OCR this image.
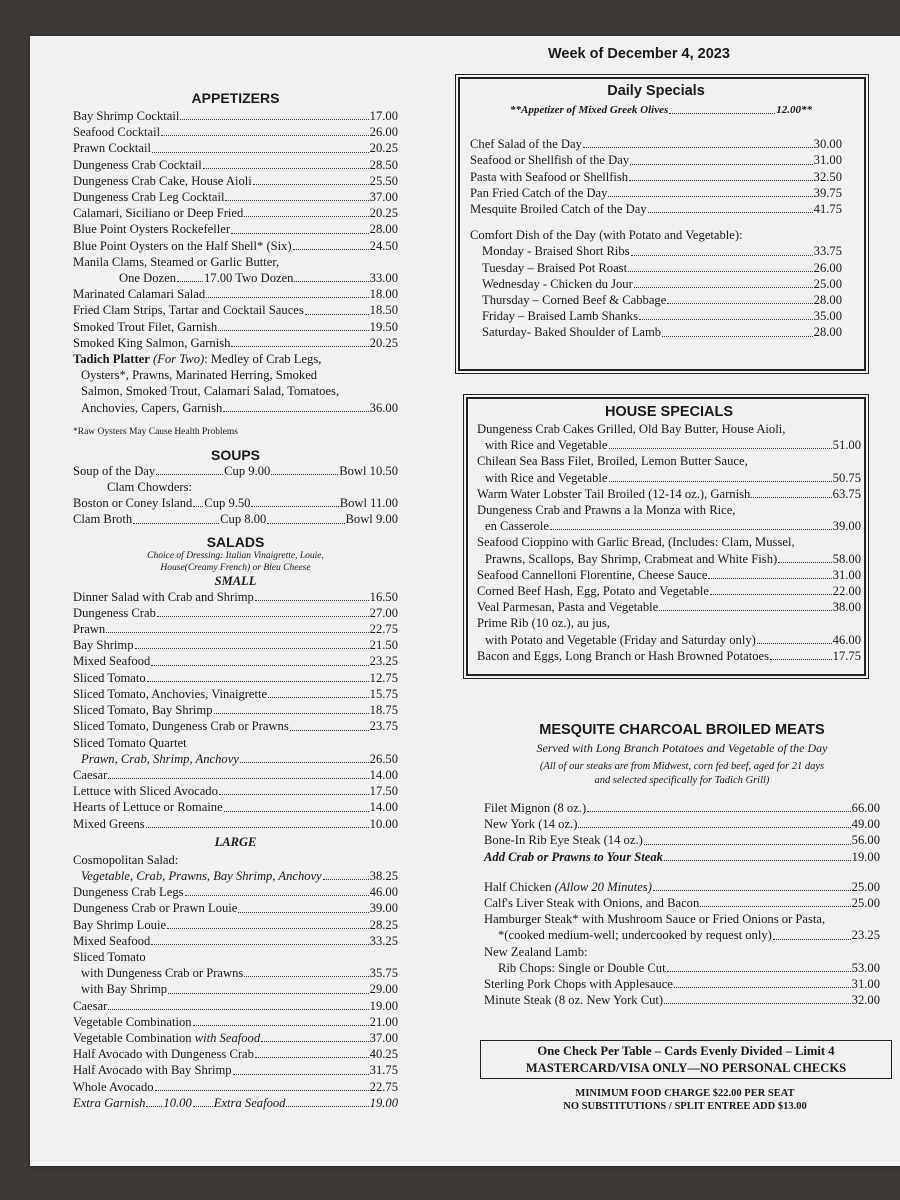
APPETIZERS
Bay Shrimp Cocktail	17.00
Seafood Cocktail	26.00
Prawn Cocktail	20.25
Dungeness Crab Cocktail	28.50
Dungeness Crab Cake, House Aioli	25.50
Dungeness Crab Leg Cocktail	37.00
Calamari, Siciliano or Deep Fried	20.25
Blue Point Oysters Rockefeller	28.00
Blue Point Oysters on the Half Shell* (Six)	24.50
Manila Clams, Steamed or Garlic Butter,
One Dozen 17.00 Two Dozen	33.00
Marinated Calamari Salad	18.00
Fried Clam Strips, Tartar and Cocktail Sauces	18.50
Smoked Trout Filet, Garnish	19.50
Smoked King Salmon, Garnish	20.25
Tadich Platter (For Two): Medley of Crab Legs,
Oysters*, Prawns, Marinated Herring, Smoked
Salmon, Smoked Trout, Calamari Salad, Tomatoes,
Anchovies, Capers, Garnish	36.00
*Raw Oysters May Cause Health Problems
SOUPS
Soup of the Day	Cup 9.00	Bowl 10.50
Clam Chowders:
Boston or Coney Island Cup 9.50	Bowl 11.00
Clam Broth	Cup 8.00	Bowl 9.00
SALADS
Choice of Dressing: Italian Vinaigrette, Louie,
House(Creamy French) or Bleu Cheese
SMALL
Dinner Salad with Crab and Shrimp	16.50
Dungeness Crab	27.00
Prawn	22.75
Bay Shrimp	21.50
Mixed Seafood	23.25
Sliced Tomato	12.75
Sliced Tomato, Anchovies, Vinaigrette	15.75
Sliced Tomato, Bay Shrimp	18.75
Sliced Tomato, Dungeness Crab or Prawns	23.75
Sliced Tomato Quartet
Prawn, Crab, Shrimp, Anchovy	26.50
Caesar	14.00
Lettuce with Sliced Avocado	17.50
Hearts of Lettuce or Romaine	14.00
Mixed Greens	10.00
LARGE
Cosmopolitan Salad:
Vegetable, Crab, Prawns, Bay Shrimp, Anchovy	38.25
Dungeness Crab Legs	46.00
Dungeness Crab or Prawn Louie	39.00
Bay Shrimp Louie	28.25
Mixed Seafood	33.25
Sliced Tomato
with Dungeness Crab or Prawns	35.75
with Bay Shrimp	29.00
Caesar	19.00
Vegetable Combination	21.00
Vegetable Combination with Seafood	37.00
Half Avocado with Dungeness Crab	40.25
Half Avocado with Bay Shrimp	31.75
Whole Avocado	22.75
Extra Garnish 10.00 Extra Seafood	19.00
Week of December 4, 2023
Daily Specials
**Appetizer of Mixed Greek Olives	12.00**
Chef Salad of the Day	30.00
Seafood or Shellfish of the Day	31.00
Pasta with Seafood or Shellfish	32.50
Pan Fried Catch of the Day	39.75
Mesquite Broiled Catch of the Day	41.75
Comfort Dish of the Day (with Potato and Vegetable):
Monday - Braised Short Ribs	33.75
Tuesday – Braised Pot Roast	26.00
Wednesday - Chicken du Jour	25.00
Thursday – Corned Beef & Cabbage	28.00
Friday – Braised Lamb Shanks	35.00
Saturday- Baked Shoulder of Lamb	28.00
HOUSE SPECIALS
Dungeness Crab Cakes Grilled, Old Bay Butter, House Aioli,
with Rice and Vegetable	51.00
Chilean Sea Bass Filet, Broiled, Lemon Butter Sauce,
with Rice and Vegetable	50.75
Warm Water Lobster Tail Broiled (12-14 oz.), Garnish	63.75
Dungeness Crab and Prawns a la Monza with Rice,
en Casserole	39.00
Seafood Cioppino with Garlic Bread, (Includes: Clam, Mussel,
Prawns, Scallops, Bay Shrimp, Crabmeat and White Fish)	58.00
Seafood Cannelloni Florentine, Cheese Sauce	31.00
Corned Beef Hash, Egg, Potato and Vegetable	22.00
Veal Parmesan, Pasta and Vegetable	38.00
Prime Rib (10 oz.), au jus,
with Potato and Vegetable (Friday and Saturday only)	46.00
Bacon and Eggs, Long Branch or Hash Browned Potatoes	17.75
MESQUITE CHARCOAL BROILED MEATS
Served with Long Branch Potatoes and Vegetable of the Day
(All of our steaks are from Midwest, corn fed beef, aged for 21 days
and selected specifically for Tadich Grill)
Filet Mignon (8 oz.)	66.00
New York (14 oz.)	49.00
Bone-In Rib Eye Steak (14 oz.)	56.00
Add Crab or Prawns to Your Steak	19.00
Half Chicken (Allow 20 Minutes)	25.00
Calf's Liver Steak with Onions, and Bacon	25.00
Hamburger Steak* with Mushroom Sauce or Fried Onions or Pasta,
*(cooked medium-well; undercooked by request only)	23.25
New Zealand Lamb:
Rib Chops: Single or Double Cut	53.00
Sterling Pork Chops with Applesauce	31.00
Minute Steak (8 oz. New York Cut)	32.00
One Check Per Table – Cards Evenly Divided – Limit 4
MASTERCARD/VISA ONLY—NO PERSONAL CHECKS
MINIMUM FOOD CHARGE $22.00 PER SEAT
NO SUBSTITUTIONS / SPLIT ENTREE ADD $13.00
